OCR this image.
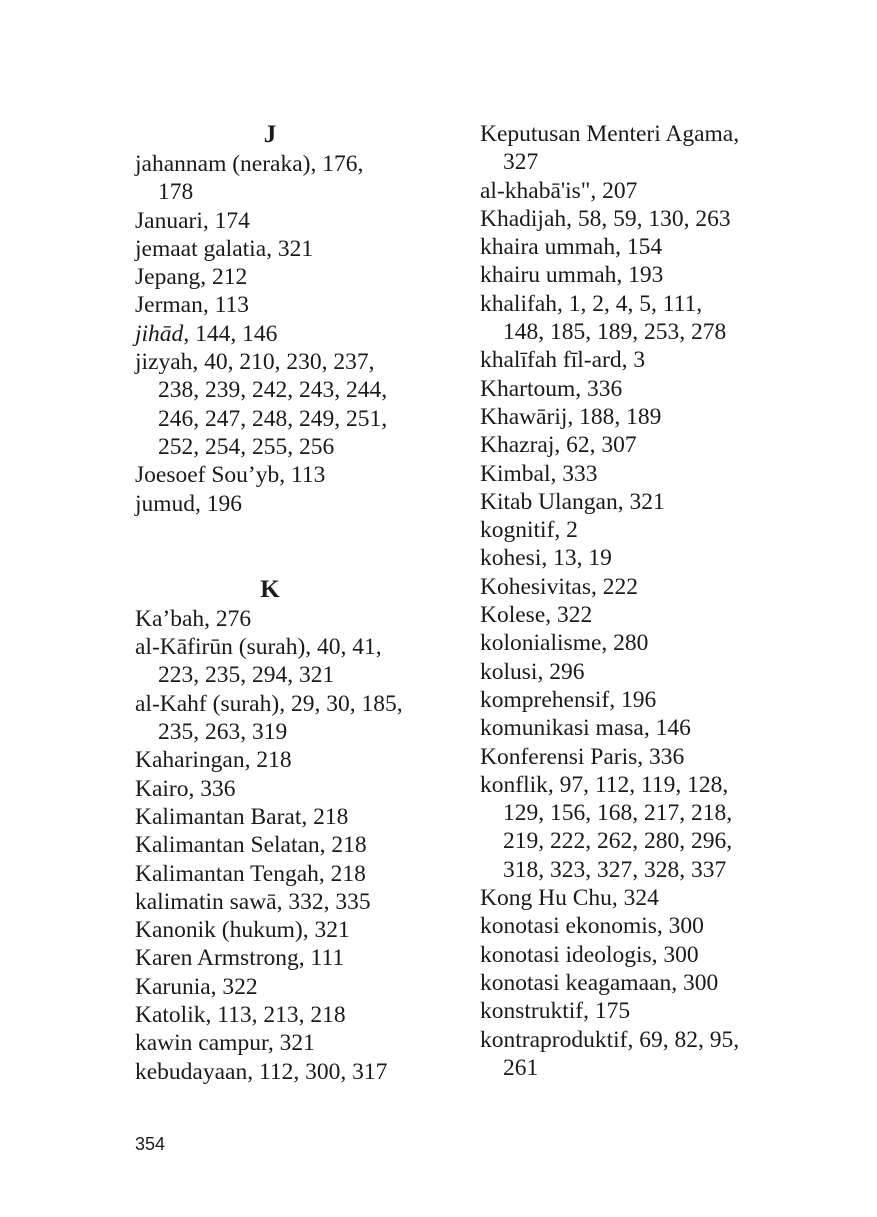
J
jahannam (neraka), 176,
178
Januari, 174
jemaat galatia, 321
Jepang, 212
Jerman, 113
jihād, 144, 146
jizyah, 40, 210, 230, 237,
238, 239, 242, 243, 244,
246, 247, 248, 249, 251,
252, 254, 255, 256
Joesoef Sou’yb, 113
jumud, 196
K
Ka’bah, 276
al-Kāfirūn (surah), 40, 41,
223, 235, 294, 321
al-Kahf (surah), 29, 30, 185,
235, 263, 319
Kaharingan, 218
Kairo, 336
Kalimantan Barat, 218
Kalimantan Selatan, 218
Kalimantan Tengah, 218
kalimatin sawā, 332, 335
Kanonik (hukum), 321
Karen Armstrong, 111
Karunia, 322
Katolik, 113, 213, 218
kawin campur, 321
kebudayaan, 112, 300, 317
Keputusan Menteri Agama,
327
al-khabā'is", 207
Khadijah, 58, 59, 130, 263
khaira ummah, 154
khairu ummah, 193
khalifah, 1, 2, 4, 5, 111,
148, 185, 189, 253, 278
khalīfah fīl-ard, 3
Khartoum, 336
Khawārij, 188, 189
Khazraj, 62, 307
Kimbal, 333
Kitab Ulangan, 321
kognitif, 2
kohesi, 13, 19
Kohesivitas, 222
Kolese, 322
kolonialisme, 280
kolusi, 296
komprehensif, 196
komunikasi masa, 146
Konferensi Paris, 336
konflik, 97, 112, 119, 128,
129, 156, 168, 217, 218,
219, 222, 262, 280, 296,
318, 323, 327, 328, 337
Kong Hu Chu, 324
konotasi ekonomis, 300
konotasi ideologis, 300
konotasi keagamaan, 300
konstruktif, 175
kontraproduktif, 69, 82, 95,
261
354
